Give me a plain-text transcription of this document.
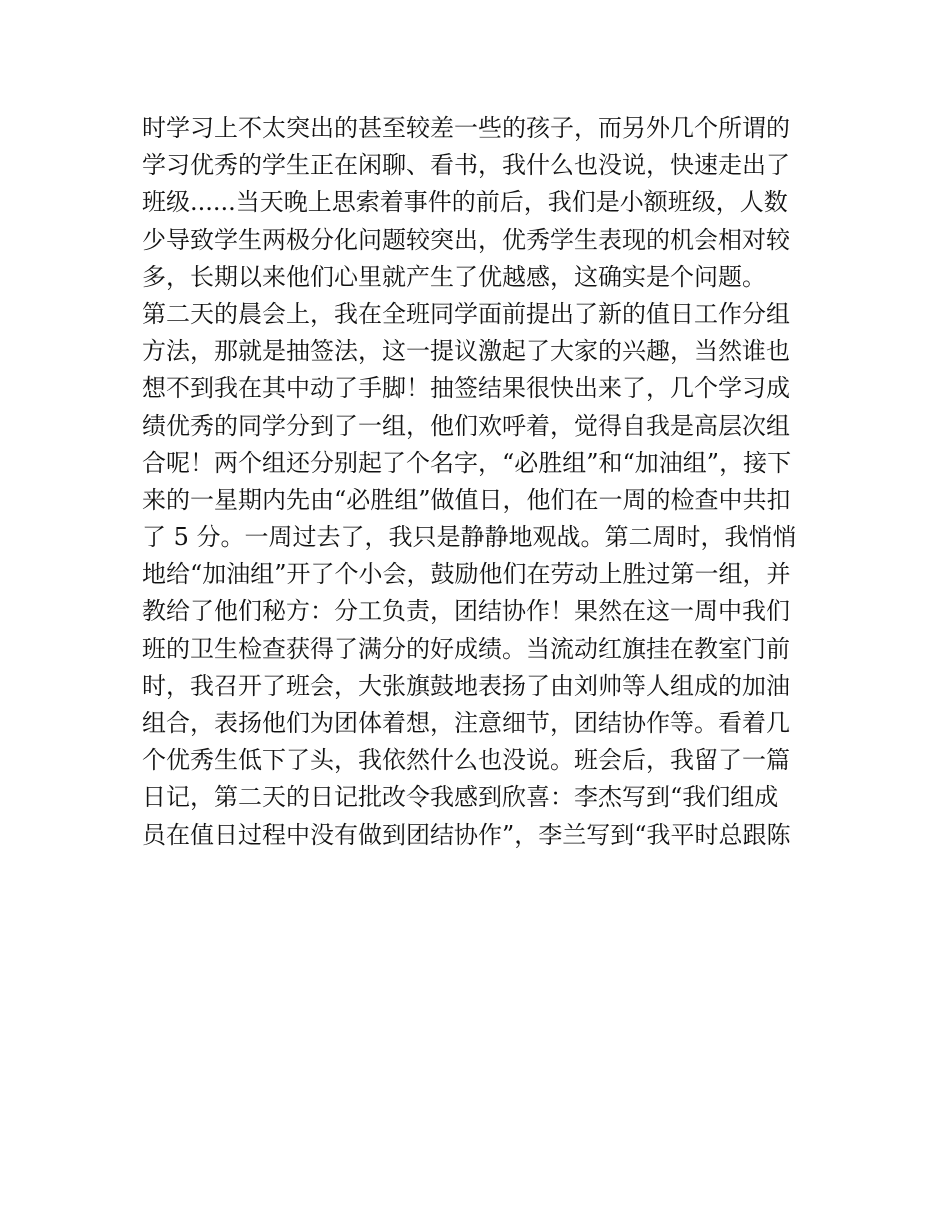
时学习上不太突出的甚至较差一些的孩子，而另外几个所谓的
学习优秀的学生正在闲聊、看书，我什么也没说，快速走出了
班级......当天晚上思索着事件的前后，我们是小额班级，人数
少导致学生两极分化问题较突出，优秀学生表现的机会相对较
多，长期以来他们心里就产生了优越感，这确实是个问题。
第二天的晨会上，我在全班同学面前提出了新的值日工作分组
方法，那就是抽签法，这一提议激起了大家的兴趣，当然谁也
想不到我在其中动了手脚！抽签结果很快出来了，几个学习成
绩优秀的同学分到了一组，他们欢呼着，觉得自我是高层次组
合呢！两个组还分别起了个名字，“必胜组”和“加油组”，接下
来的一星期内先由“必胜组”做值日，他们在一周的检查中共扣
了 5 分。一周过去了，我只是静静地观战。第二周时，我悄悄
地给“加油组”开了个小会，鼓励他们在劳动上胜过第一组，并
教给了他们秘方：分工负责，团结协作！果然在这一周中我们
班的卫生检查获得了满分的好成绩。当流动红旗挂在教室门前
时，我召开了班会，大张旗鼓地表扬了由刘帅等人组成的加油
组合，表扬他们为团体着想，注意细节，团结协作等。看着几
个优秀生低下了头，我依然什么也没说。班会后，我留了一篇
日记，第二天的日记批改令我感到欣喜：李杰写到“我们组成
员在值日过程中没有做到团结协作”，李兰写到“我平时总跟陈
